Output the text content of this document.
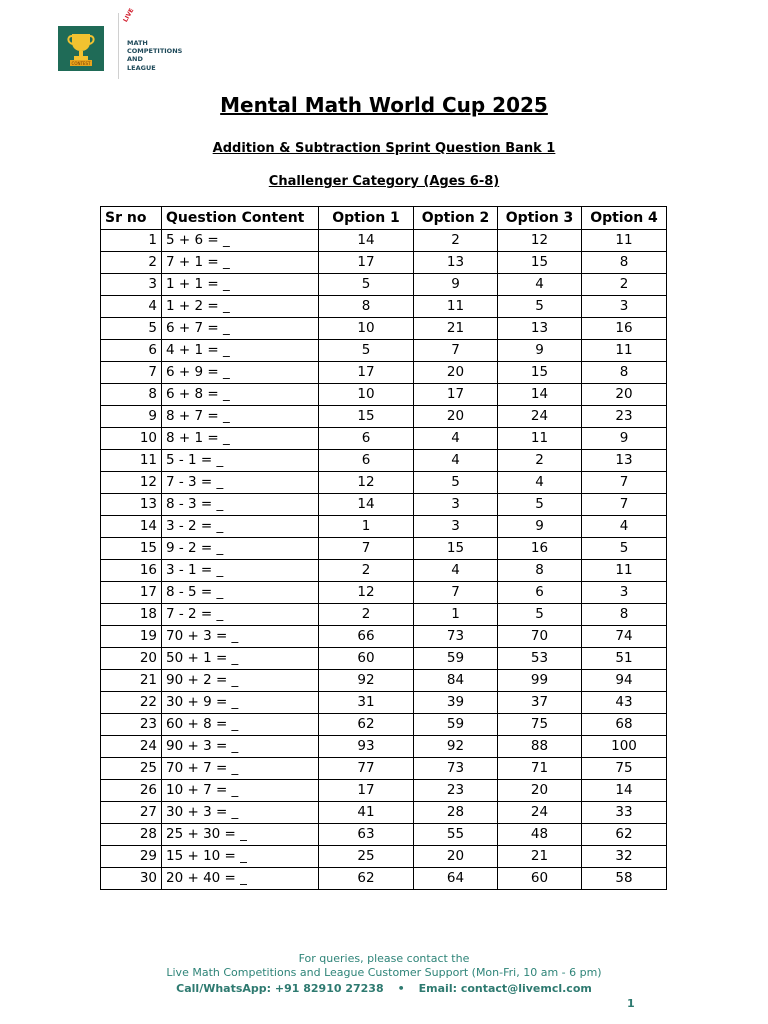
CONTEST
LIVE
MATH
COMPETITIONS
AND
LEAGUE
Mental Math World Cup 2025
Addition & Subtraction Sprint Question Bank 1
Challenger Category (Ages 6-8)
Sr no	Question Content	Option 1	Option 2	Option 3	Option 4
1	5 + 6 = _	14	2	12	11
2	7 + 1 = _	17	13	15	8
3	1 + 1 = _	5	9	4	2
4	1 + 2 = _	8	11	5	3
5	6 + 7 = _	10	21	13	16
6	4 + 1 = _	5	7	9	11
7	6 + 9 = _	17	20	15	8
8	6 + 8 = _	10	17	14	20
9	8 + 7 = _	15	20	24	23
10	8 + 1 = _	6	4	11	9
11	5 - 1 = _	6	4	2	13
12	7 - 3 = _	12	5	4	7
13	8 - 3 = _	14	3	5	7
14	3 - 2 = _	1	3	9	4
15	9 - 2 = _	7	15	16	5
16	3 - 1 = _	2	4	8	11
17	8 - 5 = _	12	7	6	3
18	7 - 2 = _	2	1	5	8
19	70 + 3 = _	66	73	70	74
20	50 + 1 = _	60	59	53	51
21	90 + 2 = _	92	84	99	94
22	30 + 9 = _	31	39	37	43
23	60 + 8 = _	62	59	75	68
24	90 + 3 = _	93	92	88	100
25	70 + 7 = _	77	73	71	75
26	10 + 7 = _	17	23	20	14
27	30 + 3 = _	41	28	24	33
28	25 + 30 = _	63	55	48	62
29	15 + 10 = _	25	20	21	32
30	20 + 40 = _	62	64	60	58
For queries, please contact the
Live Math Competitions and League Customer Support (Mon-Fri, 10 am - 6 pm)
Call/WhatsApp: +91 82910 27238 • Email: contact@livemcl.com
1
